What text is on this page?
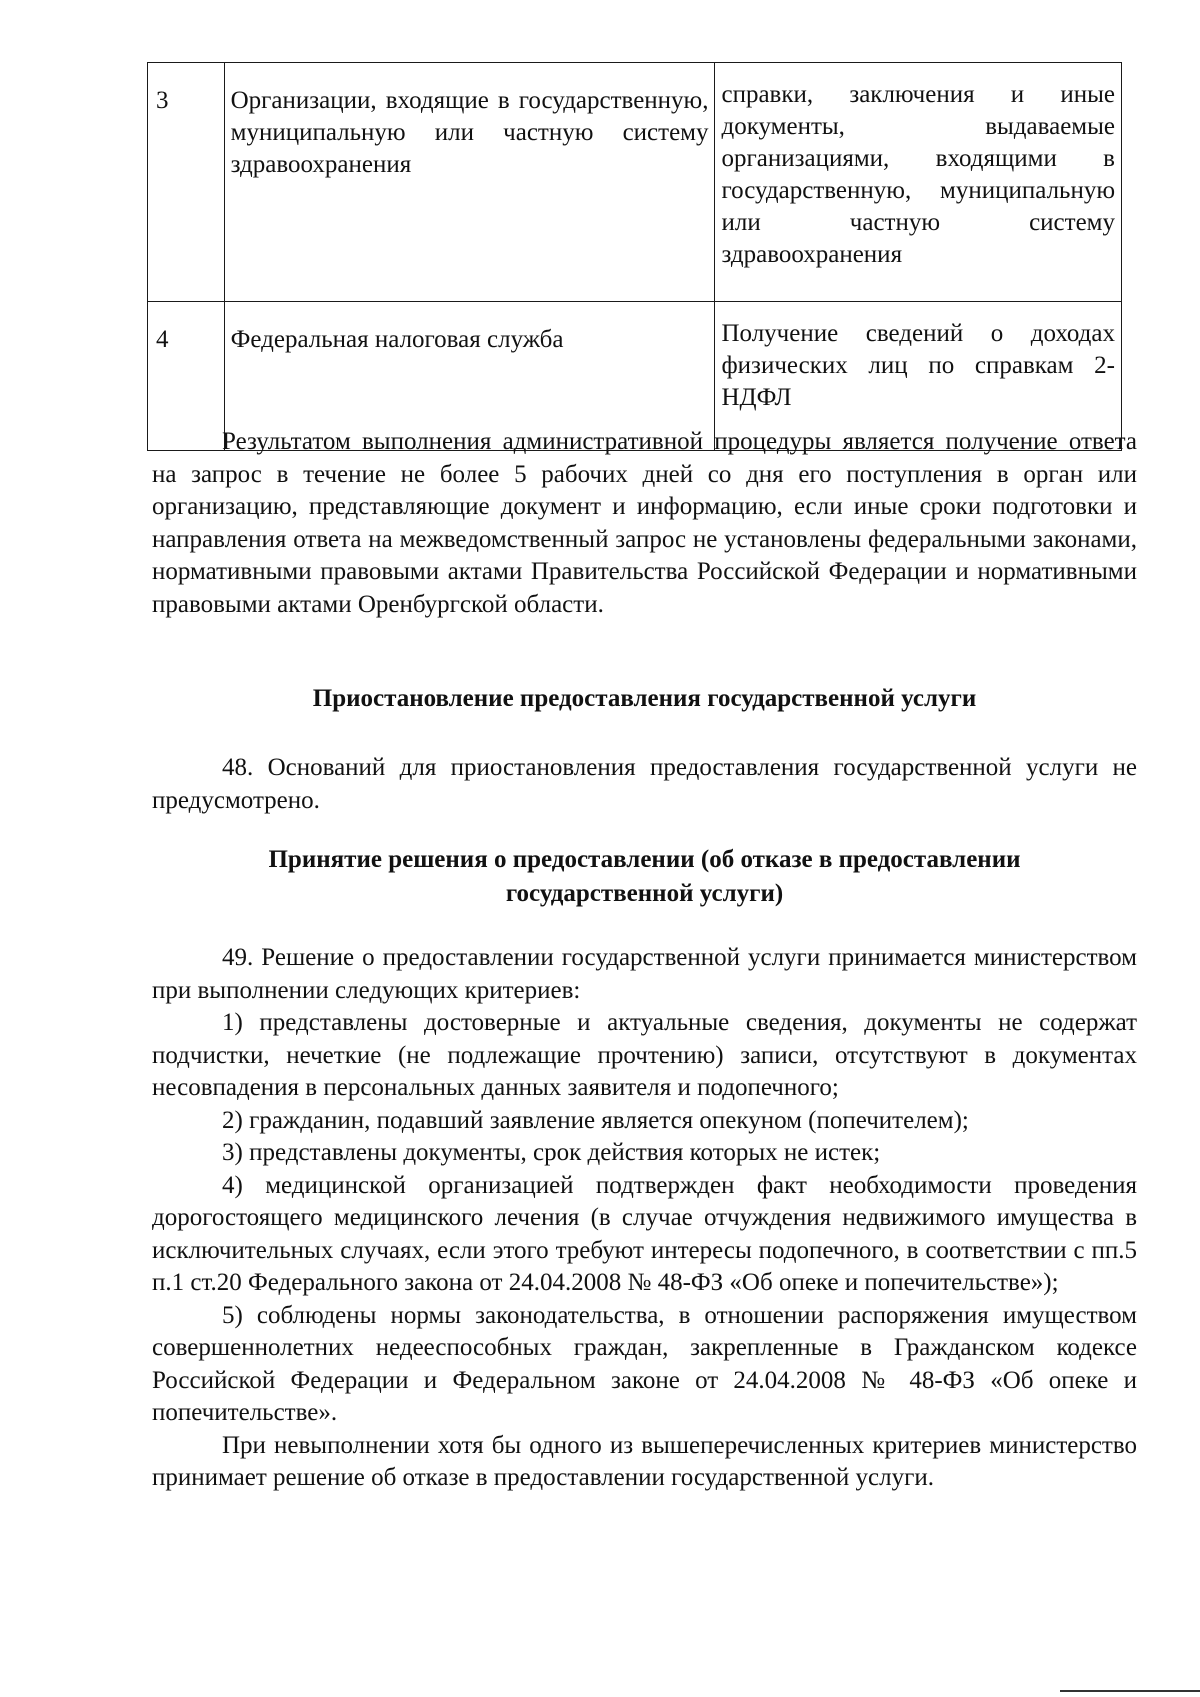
3	Организации, входящие в государственную, муниципальную или частную систему здравоохранения	справки, заключения и иные документы, выдаваемые организациями, входящими в государственную, муниципальную или частную систему здравоохранения
4	Федеральная налоговая служба	Получение сведений о доходах физических лиц по справкам 2-НДФЛ

Результатом выполнения административной процедуры является получение ответа на запрос в течение не более 5 рабочих дней со дня его поступления в орган или организацию, представляющие документ и информацию, если иные сроки подготовки и направления ответа на межведомственный запрос не установлены федеральными законами, нормативными правовыми актами Правительства Российской Федерации и нормативными правовыми актами Оренбургской области.

Приостановление предоставления государственной услуги

48. Оснований для приостановления предоставления государственной услуги не предусмотрено.

Принятие решения о предоставлении (об отказе в предоставлении
государственной услуги)

49. Решение о предоставлении государственной услуги принимается министерством при выполнении следующих критериев:

1) представлены достоверные и актуальные сведения, документы не содержат подчистки, нечеткие (не подлежащие прочтению) записи, отсутствуют в документах несовпадения в персональных данных заявителя и подопечного;

2) гражданин, подавший заявление является опекуном (попечителем);

3) представлены документы, срок действия которых не истек;

4) медицинской организацией подтвержден факт необходимости проведения дорогостоящего медицинского лечения (в случае отчуждения недвижимого имущества в исключительных случаях, если этого требуют интересы подопечного, в соответствии с пп.5 п.1 ст.20 Федерального закона от 24.04.2008 № 48-ФЗ «Об опеке и попечительстве»);

5) соблюдены нормы законодательства, в отношении распоряжения имуществом совершеннолетних недееспособных граждан, закрепленные в Гражданском кодексе Российской Федерации и Федеральном законе от 24.04.2008 № 48-ФЗ «Об опеке и попечительстве».

При невыполнении хотя бы одного из вышеперечисленных критериев министерство принимает решение об отказе в предоставлении государственной услуги.
